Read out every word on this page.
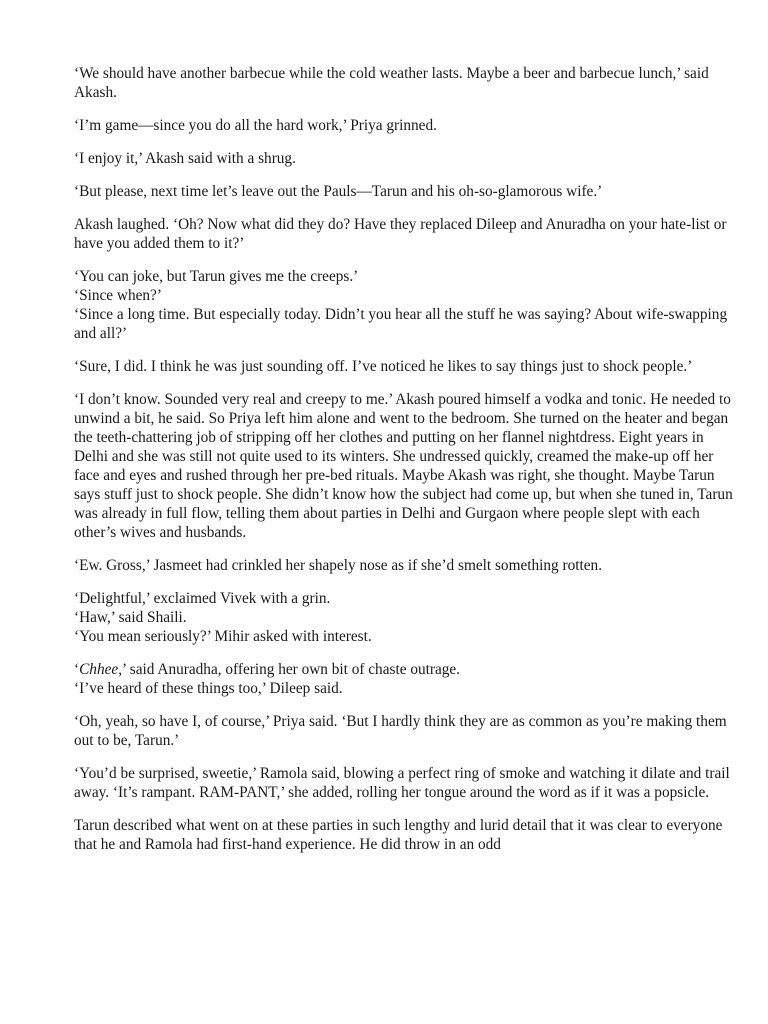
‘We should have another barbecue while the cold weather lasts. Maybe a beer and barbecue lunch,’ said Akash.

‘I’m game—since you do all the hard work,’ Priya grinned.

‘I enjoy it,’ Akash said with a shrug.

‘But please, next time let’s leave out the Pauls—Tarun and his oh-so-glamorous wife.’

Akash laughed. ‘Oh? Now what did they do? Have they replaced Dileep and Anuradha on your hate-list or have you added them to it?’

‘You can joke, but Tarun gives me the creeps.’
‘Since when?’
‘Since a long time. But especially today. Didn’t you hear all the stuff he was saying? About wife-swapping and all?’

‘Sure, I did. I think he was just sounding off. I’ve noticed he likes to say things just to shock people.’

‘I don’t know. Sounded very real and creepy to me.’ Akash poured himself a vodka and tonic. He needed to unwind a bit, he said. So Priya left him alone and went to the bedroom. She turned on the heater and began the teeth-chattering job of stripping off her clothes and putting on her flannel nightdress. Eight years in Delhi and she was still not quite used to its winters. She undressed quickly, creamed the make-up off her face and eyes and rushed through her pre-bed rituals. Maybe Akash was right, she thought. Maybe Tarun says stuff just to shock people. She didn’t know how the subject had come up, but when she tuned in, Tarun was already in full flow, telling them about parties in Delhi and Gurgaon where people slept with each other’s wives and husbands.

‘Ew. Gross,’ Jasmeet had crinkled her shapely nose as if she’d smelt something rotten.

‘Delightful,’ exclaimed Vivek with a grin.
‘Haw,’ said Shaili.
‘You mean seriously?’ Mihir asked with interest.

‘Chhee,’ said Anuradha, offering her own bit of chaste outrage.
‘I’ve heard of these things too,’ Dileep said.

‘Oh, yeah, so have I, of course,’ Priya said. ‘But I hardly think they are as common as you’re making them out to be, Tarun.’

‘You’d be surprised, sweetie,’ Ramola said, blowing a perfect ring of smoke and watching it dilate and trail away. ‘It’s rampant. RAM-PANT,’ she added, rolling her tongue around the word as if it was a popsicle.

Tarun described what went on at these parties in such lengthy and lurid detail that it was clear to everyone that he and Ramola had first-hand experience. He did throw in an odd
